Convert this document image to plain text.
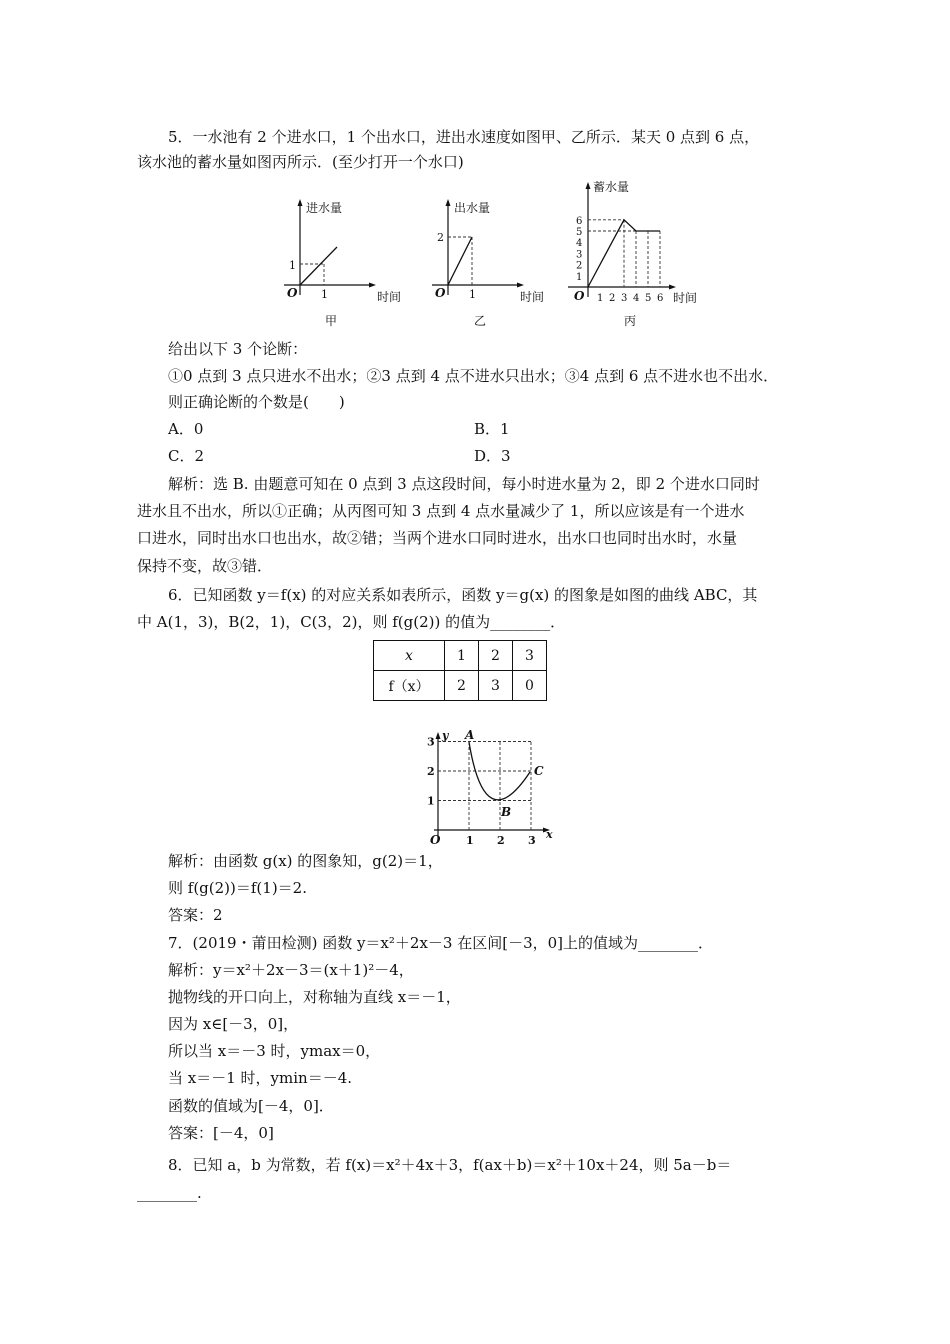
5．一水池有 2 个进水口，1 个出水口，进出水速度如图甲、乙所示．某天 0 点到 6 点，
该水池的蓄水量如图丙所示．(至少打开一个水口)
进水量
1
O 1	时间
甲
出水量
2
O 1	时间
乙
1 2 3 4 5 6
1
2
3
4
5
6
蓄水量
O	时间
丙
给出以下 3 个论断：
①0 点到 3 点只进水不出水；②3 点到 4 点不进水只出水；③4 点到 6 点不进水也不出水．
则正确论断的个数是(　　)
A．0	B．1
C．2	D．3
解析：选 B. 由题意可知在 0 点到 3 点这段时间，每小时进水量为 2，即 2 个进水口同时
进水且不出水，所以①正确；从丙图可知 3 点到 4 点水量减少了 1，所以应该是有一个进水
口进水，同时出水口也出水，故②错；当两个进水口同时进水，出水口也同时出水时，水量
保持不变，故③错．
6．已知函数 y＝f(x) 的对应关系如表所示，函数 y＝g(x) 的图象是如图的曲线 ABC，其
中 A(1，3)，B(2，1)，C(3，2)，则 f(g(2)) 的值为________．
x	1	2	3
f（x）	2	3	0
1 2 3
1
2
3 y
x
O
A
B
C
解析：由函数 g(x) 的图象知，g(2)＝1，
则 f(g(2))＝f(1)＝2.
答案：2
7．(2019・莆田检测) 函数 y＝x²＋2x－3 在区间[－3，0]上的值域为________．
解析：y＝x²＋2x－3＝(x＋1)²－4，
抛物线的开口向上，对称轴为直线 x＝－1，
因为 x∈[－3，0]，
所以当 x＝－3 时，ymax＝0，
当 x＝－1 时，ymin＝－4.
函数的值域为[－4，0]．
答案：[－4，0]
8．已知 a，b 为常数，若 f(x)＝x²＋4x＋3，f(ax＋b)＝x²＋10x＋24，则 5a－b＝
________.
